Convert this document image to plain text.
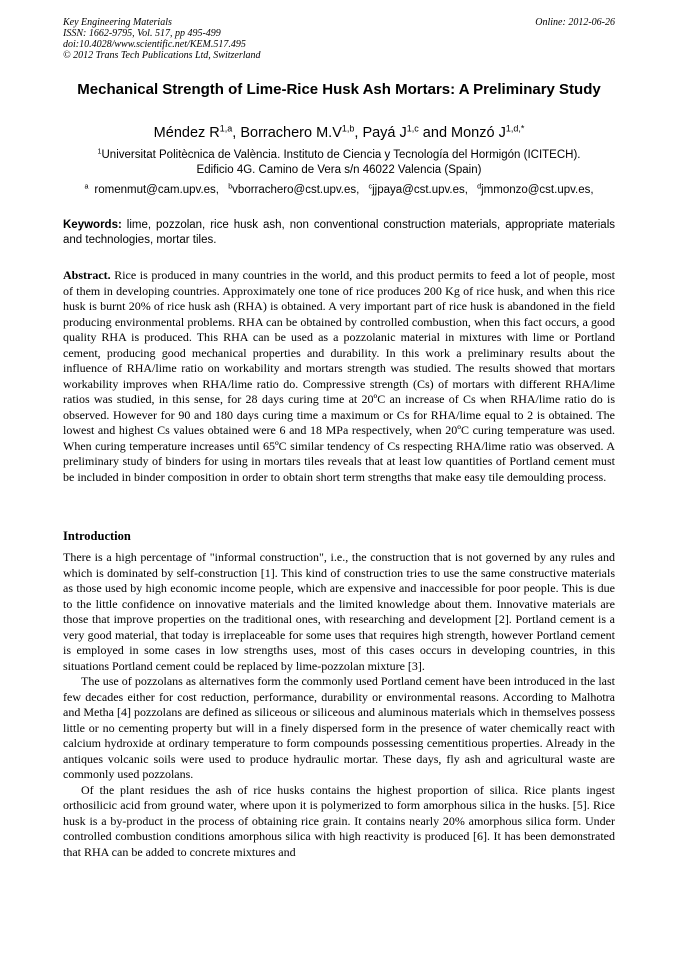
Key Engineering Materials
ISSN: 1662-9795, Vol. 517, pp 495-499
doi:10.4028/www.scientific.net/KEM.517.495
© 2012 Trans Tech Publications Ltd, Switzerland
Online: 2012-06-26
Mechanical Strength of Lime-Rice Husk Ash Mortars: A Preliminary Study
Méndez R$^{1,a}$, Borrachero $M.V^{1,b}$, Payá J$^{1,c}$ and Monzó $J^{1,d,*}$
$^1$Universitat Politècnica de València. Instituto de Ciencia y Tecnología del Hormigón (ICITECH).
Edificio 4G. Camino de Vera s/n 46022 Valencia (Spain)
$^a$ romenmut@cam.upv.es, $^b$vborrachero@cst.upv.es, $^c$jjpaya@cst.upv.es, $^d$jmmonzo@cst.upv.es,
Keywords: lime, pozzolan, rice husk ash, non conventional construction materials, appropriate materials and technologies, mortar tiles.

Abstract. Rice is produced in many countries in the world, and this product permits to feed a lot of people, most of them in developing countries. Approximately one tone of rice produces 200 Kg of rice husk, and when this rice husk is burnt 20% of rice husk ash (RHA) is obtained. A very important part of rice husk is abandoned in the field producing environmental problems. RHA can be obtained by controlled combustion, when this fact occurs, a good quality RHA is produced. This RHA can be used as a pozzolanic material in mixtures with lime or Portland cement, producing good mechanical properties and durability. In this work a preliminary results about the influence of RHA/lime ratio on workability and mortars strength was studied. The results showed that mortars workability improves when RHA/lime ratio do. Compressive strength (Cs) of mortars with different RHA/lime ratios was studied, in this sense, for 28 days curing time at 20ºC an increase of Cs when RHA/lime ratio do is observed. However for 90 and 180 days curing time a maximum or Cs for RHA/lime equal to 2 is obtained. The lowest and highest Cs values obtained were 6 and 18 MPa respectively, when 20ºC curing temperature was used. When curing temperature increases until 65ºC similar tendency of Cs respecting RHA/lime ratio was observed. A preliminary study of binders for using in mortars tiles reveals that at least low quantities of Portland cement must be included in binder composition in order to obtain short term strengths that make easy tile demoulding process.

Introduction

There is a high percentage of "informal construction", i.e., the construction that is not governed by any rules and which is dominated by self-construction [1]. This kind of construction tries to use the same constructive materials as those used by high economic income people, which are expensive and inaccessible for poor people. This is due to the little confidence on innovative materials and the limited knowledge about them. Innovative materials are those that improve properties on the traditional ones, with researching and development [2]. Portland cement is a very good material, that today is irreplaceable for some uses that requires high strength, however Portland cement is employed in some cases in low strengths uses, most of this cases occurs in developing countries, in this situations Portland cement could be replaced by lime-pozzolan mixture [3].

The use of pozzolans as alternatives form the commonly used Portland cement have been introduced in the last few decades either for cost reduction, performance, durability or environmental reasons. According to Malhotra and Metha [4] pozzolans are defined as siliceous or siliceous and aluminous materials which in themselves possess little or no cementing property but will in a finely dispersed form in the presence of water chemically react with calcium hydroxide at ordinary temperature to form compounds possessing cementitious properties. Already in the antiques volcanic soils were used to produce hydraulic mortar. These days, fly ash and agricultural waste are commonly used pozzolans.

Of the plant residues the ash of rice husks contains the highest proportion of silica. Rice plants ingest orthosilicic acid from ground water, where upon it is polymerized to form amorphous silica in the husks. [5]. Rice husk is a by-product in the process of obtaining rice grain. It contains nearly 20% amorphous silica form. Under controlled combustion conditions amorphous silica with high reactivity is produced [6]. It has been demonstrated that RHA can be added to concrete mixtures and
